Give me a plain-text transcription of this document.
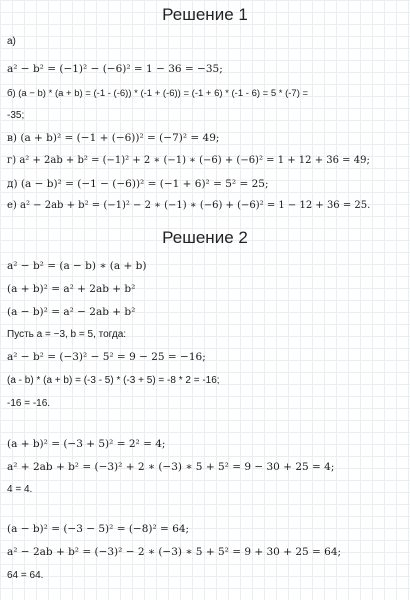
Решение 1
а)
a² − b² = (−1)² − (−6)² = 1 − 36 = −35;
б) (a − b) * (a + b) = (-1 - (-6)) * (-1 + (-6)) = (-1 + 6) * (-1 - 6) = 5 * (-7) =
-35;
в) (a + b)² = (−1 + (−6))² = (−7)² = 49;
г) a² + 2ab + b² = (−1)² + 2 ∗ (−1) ∗ (−6) + (−6)² = 1 + 12 + 36 = 49;
д) (a − b)² = (−1 − (−6))² = (−1 + 6)² = 5² = 25;
е) a² − 2ab + b² = (−1)² − 2 ∗ (−1) ∗ (−6) + (−6)² = 1 − 12 + 36 = 25.
Решение 2
a² − b² = (a − b) ∗ (a + b)
(a + b)² = a² + 2ab + b²
(a − b)² = a² − 2ab + b²
Пусть a = −3, b = 5, тогда:
a² − b² = (−3)² − 5² = 9 − 25 = −16;
(a - b) * (a + b) = (-3 - 5) * (-3 + 5) = -8 * 2 = -16;
-16 = -16.
(a + b)² = (−3 + 5)² = 2² = 4;
a² + 2ab + b² = (−3)² + 2 ∗ (−3) ∗ 5 + 5² = 9 − 30 + 25 = 4;
4 = 4.
(a − b)² = (−3 − 5)² = (−8)² = 64;
a² − 2ab + b² = (−3)² − 2 ∗ (−3) ∗ 5 + 5² = 9 + 30 + 25 = 64;
64 = 64.
